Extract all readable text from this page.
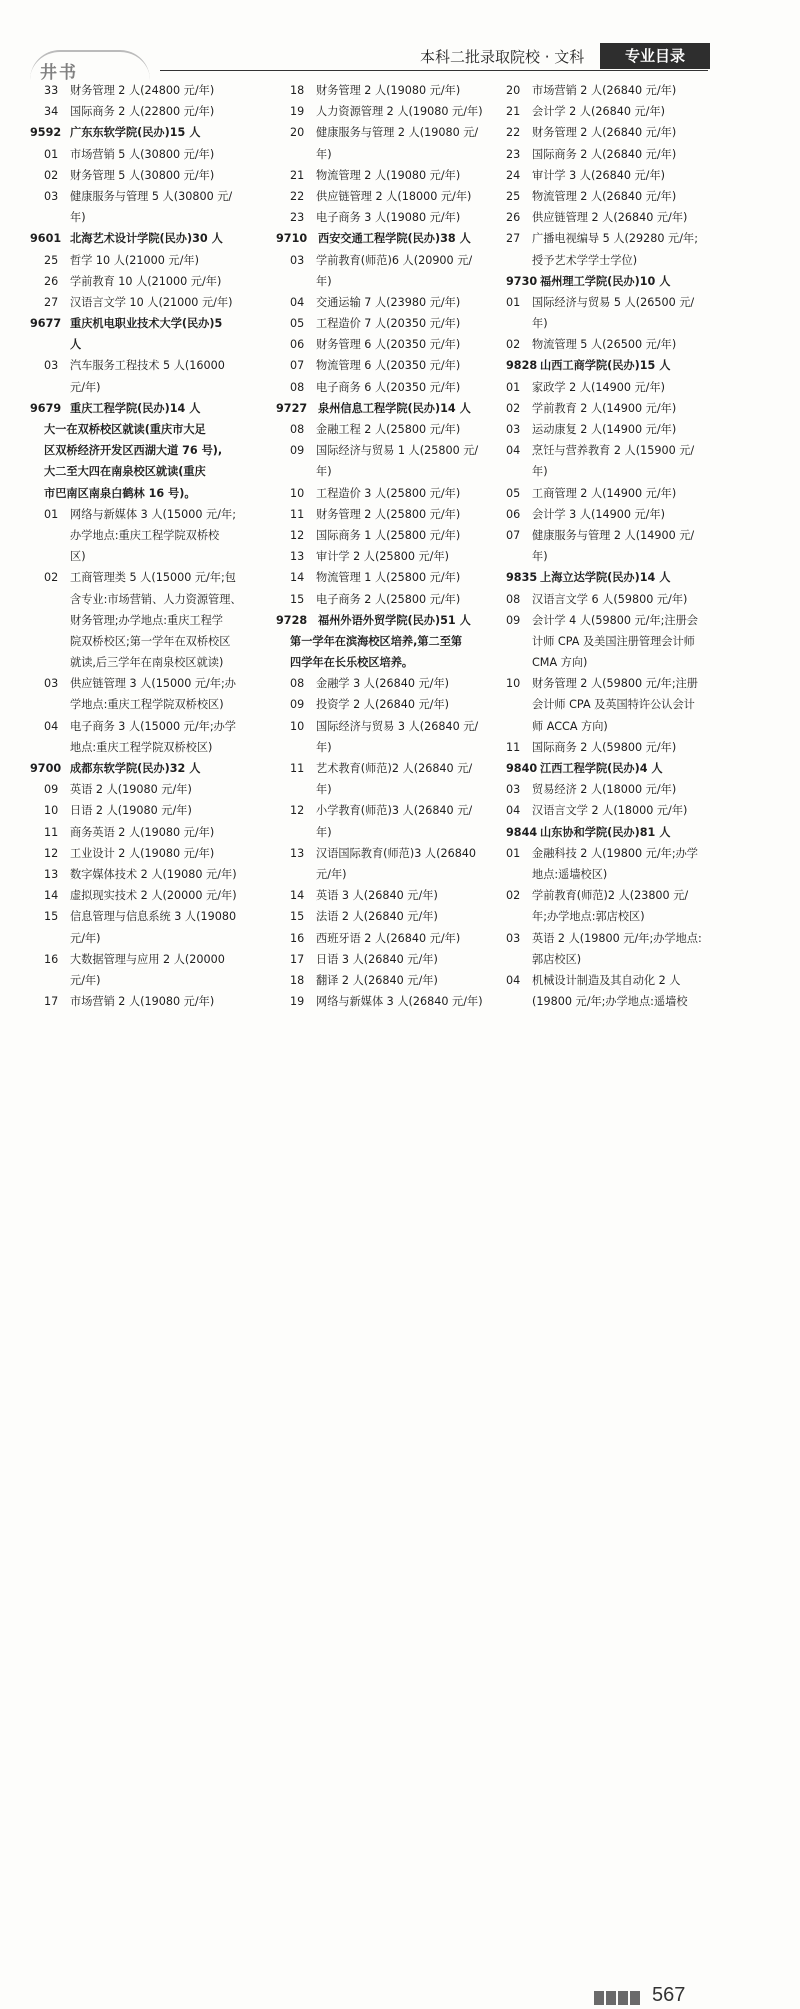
井书
本科二批录取院校 · 文科	专业目录
33 财务管理 2 人(24800 元/年)
34 国际商务 2 人(22800 元/年)
9592 广东东软学院(民办)15 人
01 市场营销 5 人(30800 元/年)
02 财务管理 5 人(30800 元/年)
03 健康服务与管理 5 人(30800 元/
年)
9601 北海艺术设计学院(民办)30 人
25 哲学 10 人(21000 元/年)
26 学前教育 10 人(21000 元/年)
27 汉语言文学 10 人(21000 元/年)
9677 重庆机电职业技术大学(民办)5
人
03 汽车服务工程技术 5 人(16000
元/年)
9679 重庆工程学院(民办)14 人
大一在双桥校区就读(重庆市大足
区双桥经济开发区西湖大道 76 号),
大二至大四在南泉校区就读(重庆
市巴南区南泉白鹤林 16 号)。
01 网络与新媒体 3 人(15000 元/年;
办学地点:重庆工程学院双桥校
区)
02 工商管理类 5 人(15000 元/年;包
含专业:市场营销、人力资源管理、
财务管理;办学地点:重庆工程学
院双桥校区;第一学年在双桥校区
就读,后三学年在南泉校区就读)
03 供应链管理 3 人(15000 元/年;办
学地点:重庆工程学院双桥校区)
04 电子商务 3 人(15000 元/年;办学
地点:重庆工程学院双桥校区)
9700 成都东软学院(民办)32 人
09 英语 2 人(19080 元/年)
10 日语 2 人(19080 元/年)
11 商务英语 2 人(19080 元/年)
12 工业设计 2 人(19080 元/年)
13 数字媒体技术 2 人(19080 元/年)
14 虚拟现实技术 2 人(20000 元/年)
15 信息管理与信息系统 3 人(19080
元/年)
16 大数据管理与应用 2 人(20000
元/年)
17 市场营销 2 人(19080 元/年)
18 财务管理 2 人(19080 元/年)
19 人力资源管理 2 人(19080 元/年)
20 健康服务与管理 2 人(19080 元/
年)
21 物流管理 2 人(19080 元/年)
22 供应链管理 2 人(18000 元/年)
23 电子商务 3 人(19080 元/年)
9710 西安交通工程学院(民办)38 人
03 学前教育(师范)6 人(20900 元/
年)
04 交通运输 7 人(23980 元/年)
05 工程造价 7 人(20350 元/年)
06 财务管理 6 人(20350 元/年)
07 物流管理 6 人(20350 元/年)
08 电子商务 6 人(20350 元/年)
9727 泉州信息工程学院(民办)14 人
08 金融工程 2 人(25800 元/年)
09 国际经济与贸易 1 人(25800 元/
年)
10 工程造价 3 人(25800 元/年)
11 财务管理 2 人(25800 元/年)
12 国际商务 1 人(25800 元/年)
13 审计学 2 人(25800 元/年)
14 物流管理 1 人(25800 元/年)
15 电子商务 2 人(25800 元/年)
9728 福州外语外贸学院(民办)51 人
第一学年在滨海校区培养,第二至第
四学年在长乐校区培养。
08 金融学 3 人(26840 元/年)
09 投资学 2 人(26840 元/年)
10 国际经济与贸易 3 人(26840 元/
年)
11 艺术教育(师范)2 人(26840 元/
年)
12 小学教育(师范)3 人(26840 元/
年)
13 汉语国际教育(师范)3 人(26840
元/年)
14 英语 3 人(26840 元/年)
15 法语 2 人(26840 元/年)
16 西班牙语 2 人(26840 元/年)
17 日语 3 人(26840 元/年)
18 翻译 2 人(26840 元/年)
19 网络与新媒体 3 人(26840 元/年)
20 市场营销 2 人(26840 元/年)
21 会计学 2 人(26840 元/年)
22 财务管理 2 人(26840 元/年)
23 国际商务 2 人(26840 元/年)
24 审计学 3 人(26840 元/年)
25 物流管理 2 人(26840 元/年)
26 供应链管理 2 人(26840 元/年)
27 广播电视编导 5 人(29280 元/年;
授予艺术学学士学位)
9730 福州理工学院(民办)10 人
01 国际经济与贸易 5 人(26500 元/
年)
02 物流管理 5 人(26500 元/年)
9828 山西工商学院(民办)15 人
01 家政学 2 人(14900 元/年)
02 学前教育 2 人(14900 元/年)
03 运动康复 2 人(14900 元/年)
04 烹饪与营养教育 2 人(15900 元/
年)
05 工商管理 2 人(14900 元/年)
06 会计学 3 人(14900 元/年)
07 健康服务与管理 2 人(14900 元/
年)
9835 上海立达学院(民办)14 人
08 汉语言文学 6 人(59800 元/年)
09 会计学 4 人(59800 元/年;注册会
计师 CPA 及美国注册管理会计师
CMA 方向)
10 财务管理 2 人(59800 元/年;注册
会计师 CPA 及英国特许公认会计
师 ACCA 方向)
11 国际商务 2 人(59800 元/年)
9840 江西工程学院(民办)4 人
03 贸易经济 2 人(18000 元/年)
04 汉语言文学 2 人(18000 元/年)
9844 山东协和学院(民办)81 人
01 金融科技 2 人(19800 元/年;办学
地点:遥墙校区)
02 学前教育(师范)2 人(23800 元/
年;办学地点:郭店校区)
03 英语 2 人(19800 元/年;办学地点:
郭店校区)
04 机械设计制造及其自动化 2 人
(19800 元/年;办学地点:遥墙校
567
